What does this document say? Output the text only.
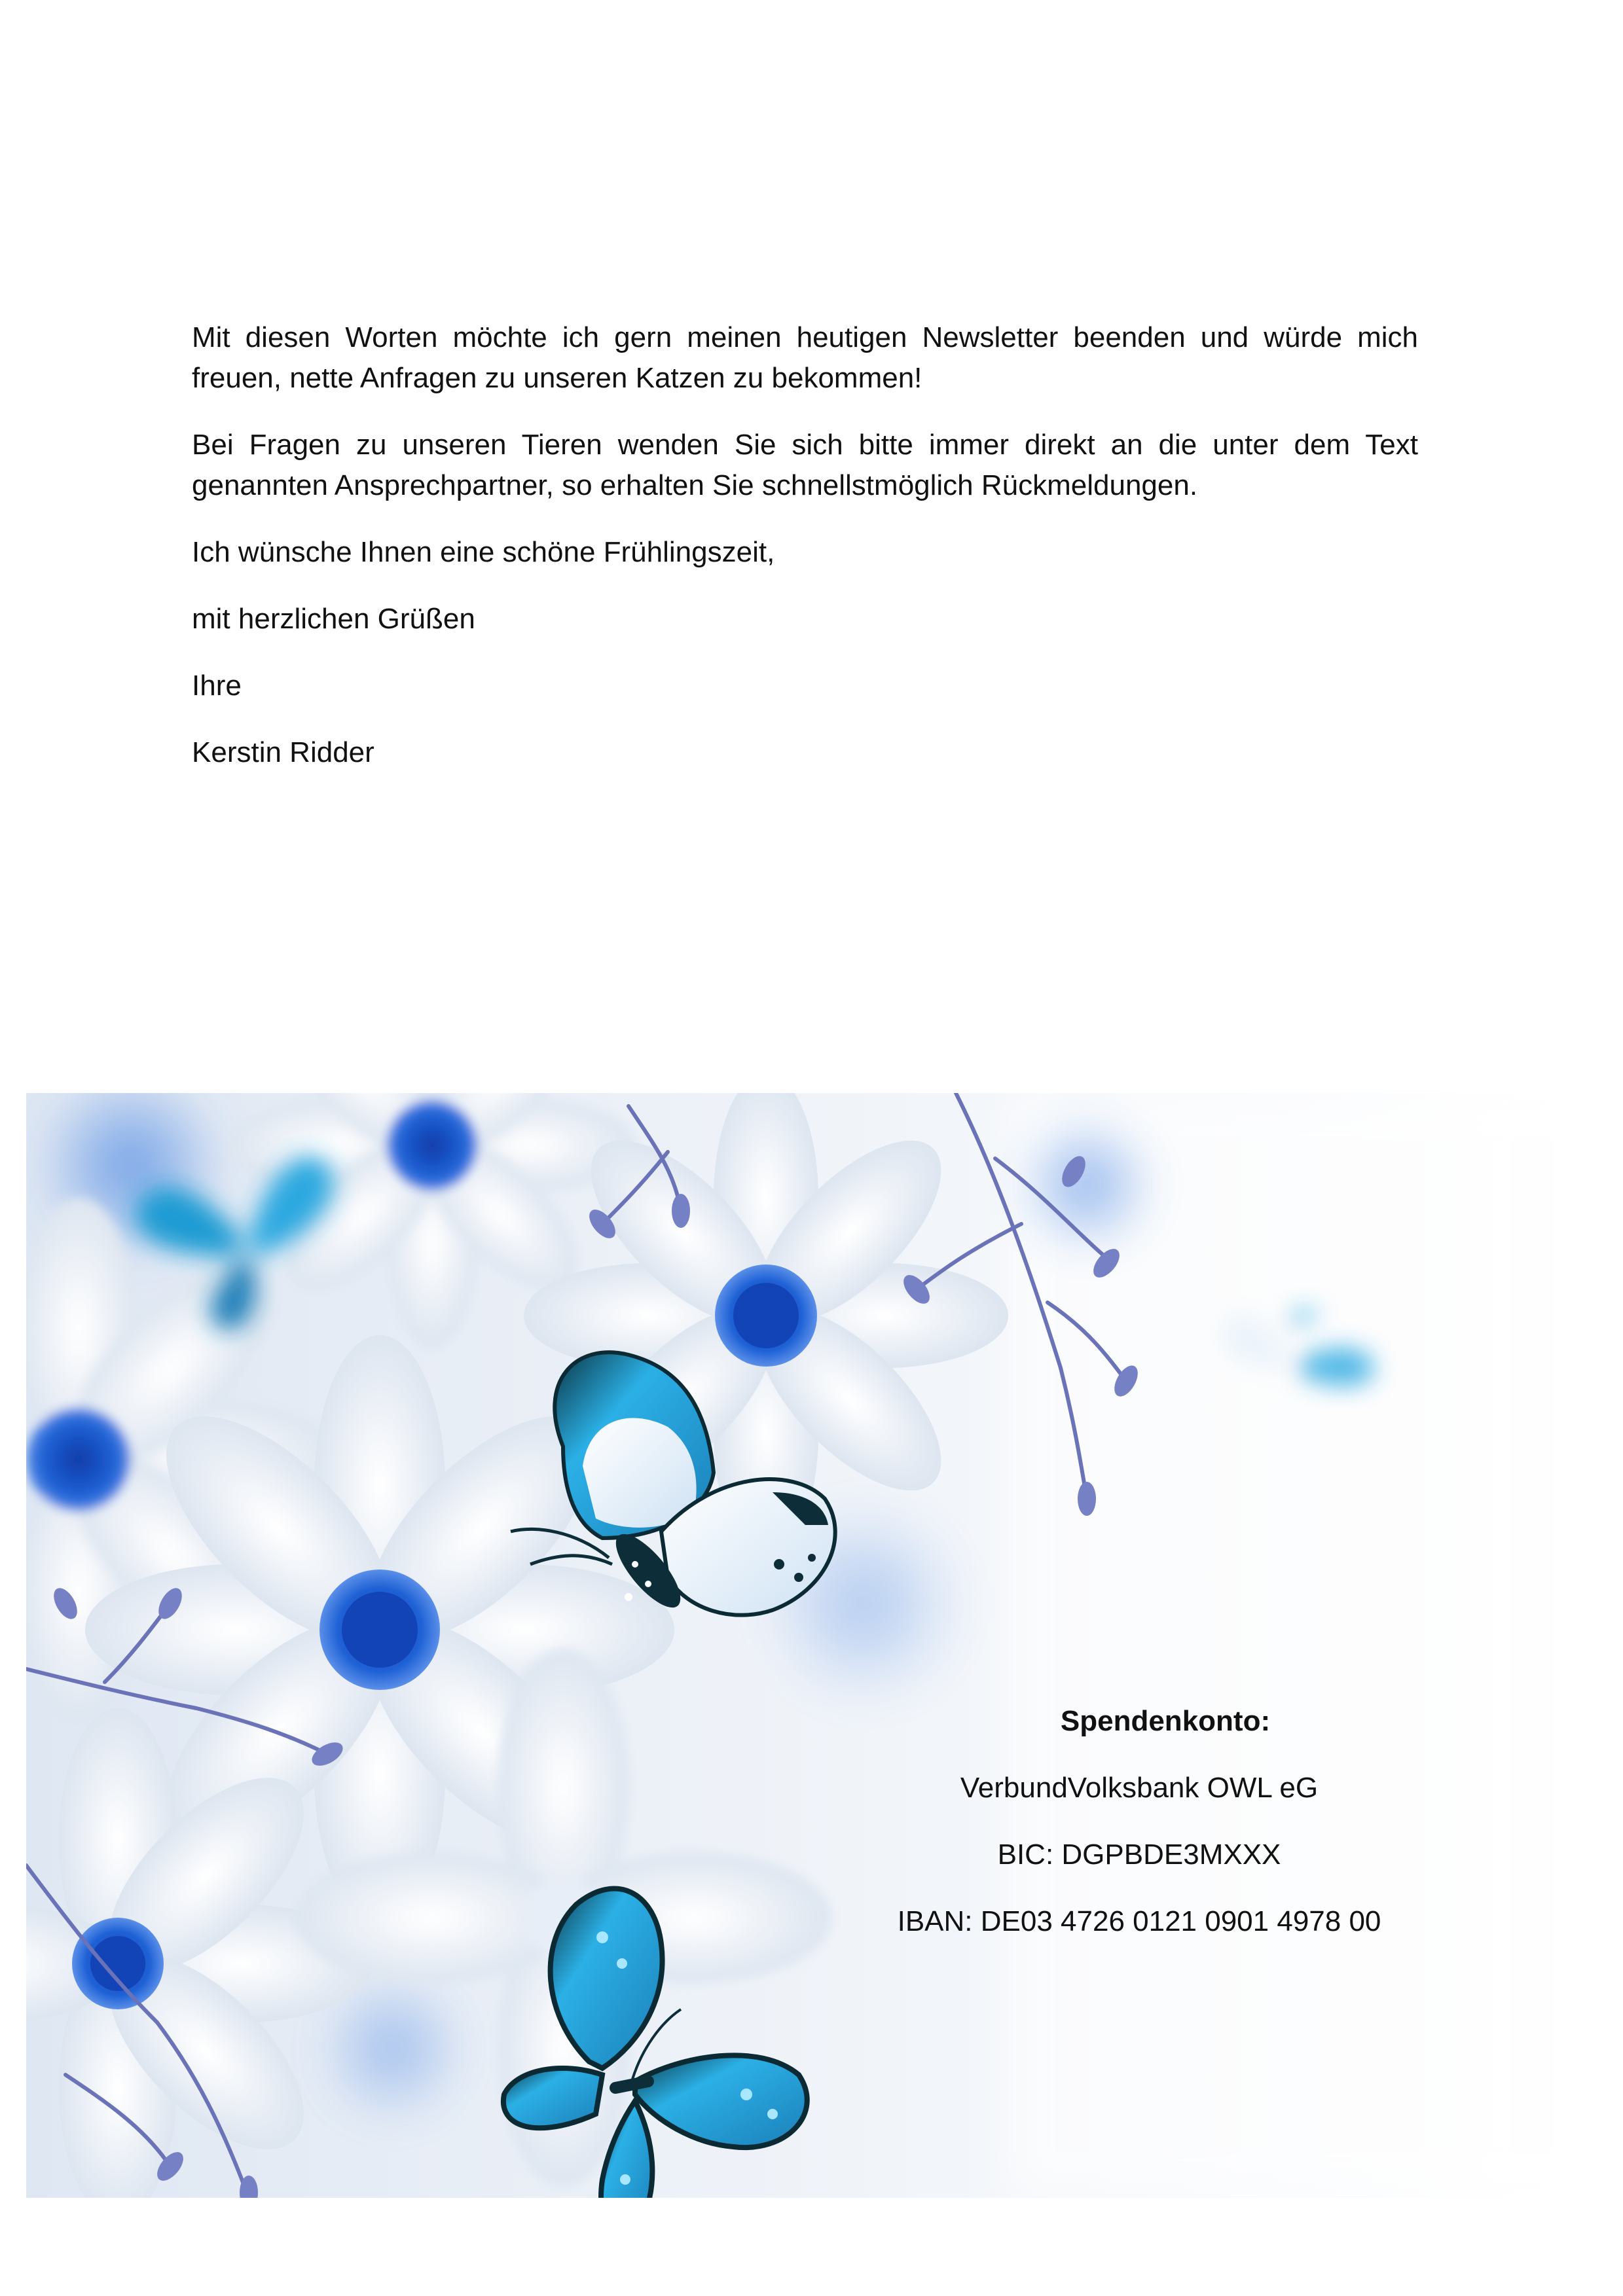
Mit diesen Worten möchte ich gern meinen heutigen Newsletter beenden und würde mich freuen, nette Anfragen zu unseren Katzen zu bekommen!

Bei Fragen zu unseren Tieren wenden Sie sich bitte immer direkt an die unter dem Text genannten Ansprechpartner, so erhalten Sie schnellstmöglich Rückmeldungen.

Ich wünsche Ihnen eine schöne Frühlingszeit,

mit herzlichen Grüßen

Ihre

Kerstin Ridder

Spendenkonto:

VerbundVolksbank OWL eG

BIC: DGPBDE3MXXX

IBAN: DE03 4726 0121 0901 4978 00
